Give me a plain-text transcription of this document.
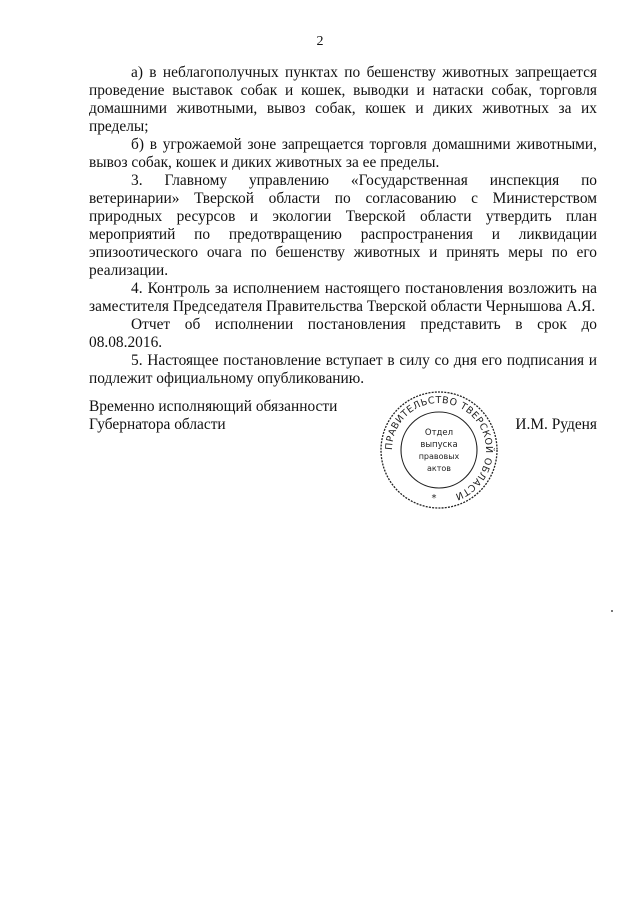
2

а) в неблагополучных пунктах по бешенству животных запрещается проведение выставок собак и кошек, выводки и натаски собак, торговля домашними животными, вывоз собак, кошек и диких животных за их пределы;

б) в угрожаемой зоне запрещается торговля домашними животными, вывоз собак, кошек и диких животных за ее пределы.

3. Главному управлению «Государственная инспекция по ветеринарии» Тверской области по согласованию с Министерством природных ресурсов и экологии Тверской области утвердить план мероприятий по предотвращению распространения и ликвидации эпизоотического очага по бешенству животных и принять меры по его реализации.

4. Контроль за исполнением настоящего постановления возложить на заместителя Председателя Правительства Тверской области Чернышова А.Я.

Отчет об исполнении постановления представить в срок до 08.08.2016.

5. Настоящее постановление вступает в силу со дня его подписания и подлежит официальному опубликованию.

Временно исполняющий обязанности
Губернатора области	И.М. Руденя
ПРАВИТЕЛЬСТВО ТВЕРСКОЙ ОБЛАСТИ
Отдел
выпуска
правовых
актов
*
